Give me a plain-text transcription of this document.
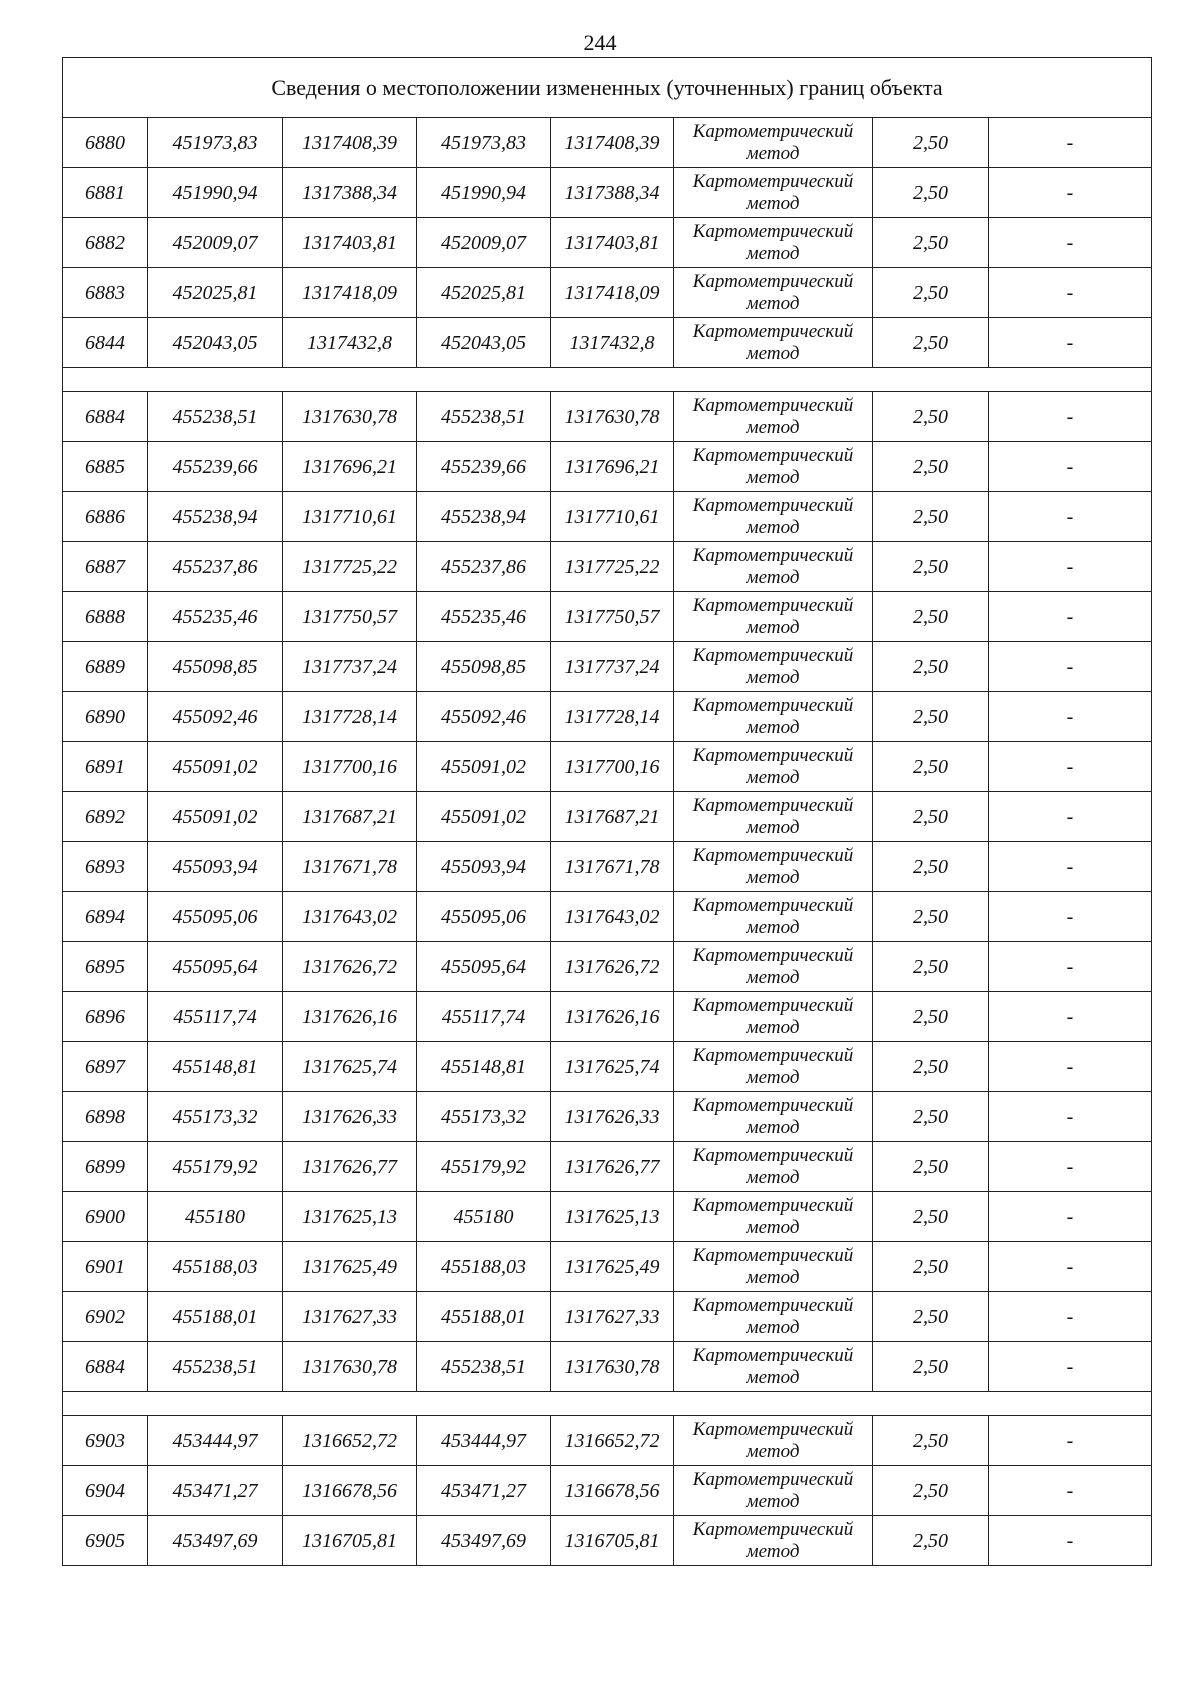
244
Сведения о местоположении измененных (уточненных) границ объекта							
6880	451973,83	1317408,39	451973,83	1317408,39	Картометрический
метод	2,50	-
6881	451990,94	1317388,34	451990,94	1317388,34	Картометрический
метод	2,50	-
6882	452009,07	1317403,81	452009,07	1317403,81	Картометрический
метод	2,50	-
6883	452025,81	1317418,09	452025,81	1317418,09	Картометрический
метод	2,50	-
6844	452043,05	1317432,8	452043,05	1317432,8	Картометрический
метод	2,50	-

6884	455238,51	1317630,78	455238,51	1317630,78	Картометрический
метод	2,50	-
6885	455239,66	1317696,21	455239,66	1317696,21	Картометрический
метод	2,50	-
6886	455238,94	1317710,61	455238,94	1317710,61	Картометрический
метод	2,50	-
6887	455237,86	1317725,22	455237,86	1317725,22	Картометрический
метод	2,50	-
6888	455235,46	1317750,57	455235,46	1317750,57	Картометрический
метод	2,50	-
6889	455098,85	1317737,24	455098,85	1317737,24	Картометрический
метод	2,50	-
6890	455092,46	1317728,14	455092,46	1317728,14	Картометрический
метод	2,50	-
6891	455091,02	1317700,16	455091,02	1317700,16	Картометрический
метод	2,50	-
6892	455091,02	1317687,21	455091,02	1317687,21	Картометрический
метод	2,50	-
6893	455093,94	1317671,78	455093,94	1317671,78	Картометрический
метод	2,50	-
6894	455095,06	1317643,02	455095,06	1317643,02	Картометрический
метод	2,50	-
6895	455095,64	1317626,72	455095,64	1317626,72	Картометрический
метод	2,50	-
6896	455117,74	1317626,16	455117,74	1317626,16	Картометрический
метод	2,50	-
6897	455148,81	1317625,74	455148,81	1317625,74	Картометрический
метод	2,50	-
6898	455173,32	1317626,33	455173,32	1317626,33	Картометрический
метод	2,50	-
6899	455179,92	1317626,77	455179,92	1317626,77	Картометрический
метод	2,50	-
6900	455180	1317625,13	455180	1317625,13	Картометрический
метод	2,50	-
6901	455188,03	1317625,49	455188,03	1317625,49	Картометрический
метод	2,50	-
6902	455188,01	1317627,33	455188,01	1317627,33	Картометрический
метод	2,50	-
6884	455238,51	1317630,78	455238,51	1317630,78	Картометрический
метод	2,50	-

6903	453444,97	1316652,72	453444,97	1316652,72	Картометрический
метод	2,50	-
6904	453471,27	1316678,56	453471,27	1316678,56	Картометрический
метод	2,50	-
6905	453497,69	1316705,81	453497,69	1316705,81	Картометрический
метод	2,50	-
